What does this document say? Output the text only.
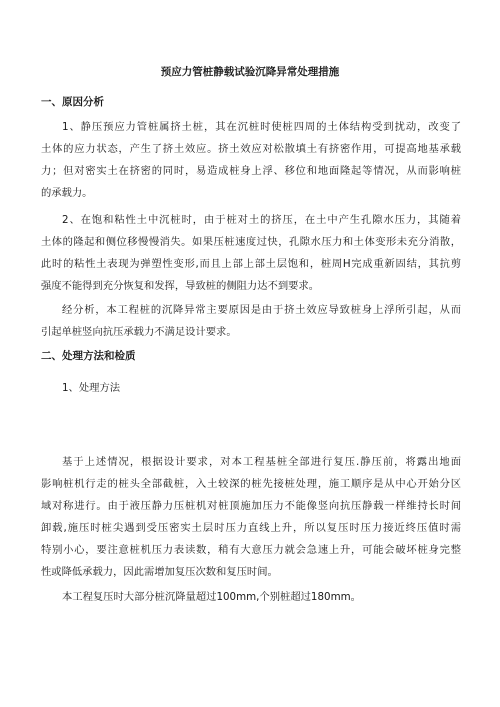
预应力管桩静载试验沉降异常处理措施
一、原因分析

1、静压预应力管桩属挤土桩，其在沉桩时使桩四周的土体结构受到扰动，改变了
土体的应力状态，产生了挤土效应。挤土效应对松散填土有挤密作用，可提高地基承载
力；但对密实土在挤密的同时，易造成桩身上浮、移位和地面隆起等情况，从而影响桩
的承载力。

2、在饱和粘性土中沉桩时，由于桩对土的挤压，在土中产生孔隙水压力，其随着
土体的隆起和侧位移慢慢消失。如果压桩速度过快，孔隙水压力和土体变形未充分消散，
此时的粘性土表现为弹塑性变形,而且上部上部土层饱和，桩周H完成重新固结，其抗剪
强度不能得到充分恢复和发挥，导致桩的侧阻力达不到要求。

经分析，本工程桩的沉降异常主要原因是由于挤土效应导致桩身上浮所引起，从而
引起单桩竖向抗压承载力不满足设计要求。

二、处理方法和检质

1、处理方法

基于上述情况，根据设计要求，对本工程基桩全部进行复压.静压前，将露出地面
影响桩机行走的桩头全部截桩，入土较深的桩先接桩处理，施工顺序是从中心开始分区
域对称进行。由于液压静力压桩机对桩顶施加压力不能像竖向抗压静载一样维持长时间
卸载,施压时桩尖遇到受压密实土层时压力直线上升，所以复压时压力接近终压值时需
特别小心，要注意桩机压力表读数，稍有大意压力就会急速上升，可能会破坏桩身完整
性或降低承载力，因此需增加复压次数和复压时间。

本工程复压时大部分桩沉降量超过100mm,个别桩超过180mm。
